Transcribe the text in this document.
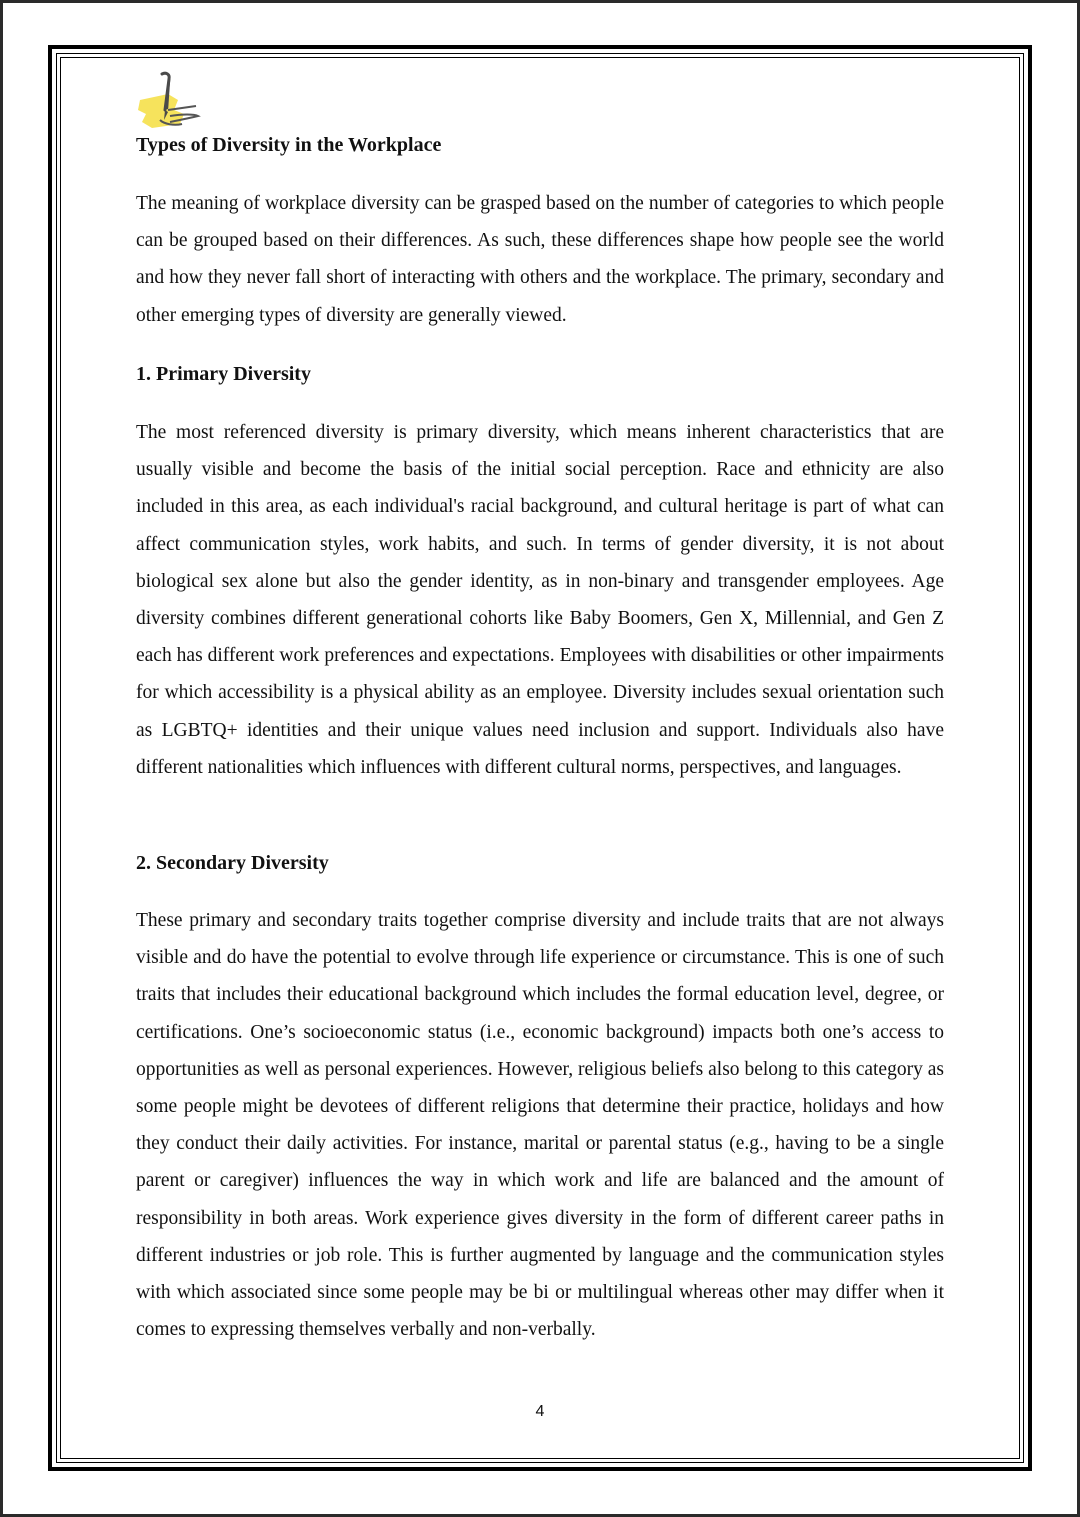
Types of Diversity in the Workplace

The meaning of workplace diversity can be grasped based on the number of categories to which people can be grouped based on their differences. As such, these differences shape how people see the world and how they never fall short of interacting with others and the workplace. The primary, secondary and other emerging types of diversity are generally viewed.

1. Primary Diversity

The most referenced diversity is primary diversity, which means inherent characteristics that are usually visible and become the basis of the initial social perception. Race and ethnicity are also included in this area, as each individual's racial background, and cultural heritage is part of what can affect communication styles, work habits, and such. In terms of gender diversity, it is not about biological sex alone but also the gender identity, as in non-binary and transgender employees. Age diversity combines different generational cohorts like Baby Boomers, Gen X, Millennial, and Gen Z each has different work preferences and expectations. Employees with disabilities or other impairments for which accessibility is a physical ability as an employee. Diversity includes sexual orientation such as LGBTQ+ identities and their unique values need inclusion and support. Individuals also have different nationalities which influences with different cultural norms, perspectives, and languages.

2. Secondary Diversity

These primary and secondary traits together comprise diversity and include traits that are not always visible and do have the potential to evolve through life experience or circumstance. This is one of such traits that includes their educational background which includes the formal education level, degree, or certifications. One’s socioeconomic status (i.e., economic background) impacts both one’s access to opportunities as well as personal experiences. However, religious beliefs also belong to this category as some people might be devotees of different religions that determine their practice, holidays and how they conduct their daily activities. For instance, marital or parental status (e.g., having to be a single parent or caregiver) influences the way in which work and life are balanced and the amount of responsibility in both areas. Work experience gives diversity in the form of different career paths in different industries or job role. This is further augmented by language and the communication styles with which associated since some people may be bi or multilingual whereas other may differ when it comes to expressing themselves verbally and non-verbally.

4
